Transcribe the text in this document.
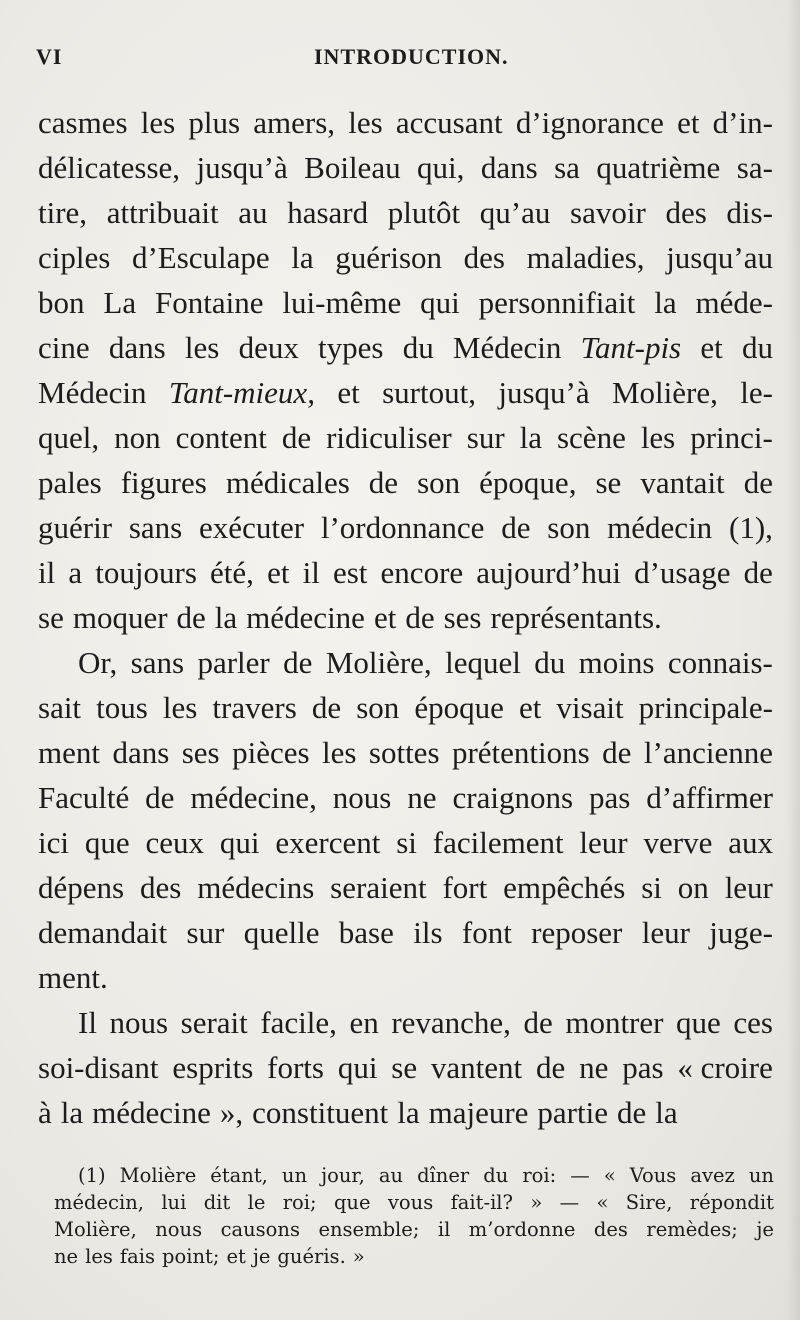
VI	INTRODUCTION.
casmes les plus amers, les accusant d’ignorance et d’in-
délicatesse, jusqu’à Boileau qui, dans sa quatrième sa-
tire, attribuait au hasard plutôt qu’au savoir des dis-
ciples d’Esculape la guérison des maladies, jusqu’au
bon La Fontaine lui-même qui personnifiait la méde-
cine dans les deux types du Médecin Tant-pis et du
Médecin Tant-mieux, et surtout, jusqu’à Molière, le-
quel, non content de ridiculiser sur la scène les princi-
pales figures médicales de son époque, se vantait de
guérir sans exécuter l’ordonnance de son médecin (1),
il a toujours été, et il est encore aujourd’hui d’usage de
se moquer de la médecine et de ses représentants.
Or, sans parler de Molière, lequel du moins connais-
sait tous les travers de son époque et visait principale-
ment dans ses pièces les sottes prétentions de l’ancienne
Faculté de médecine, nous ne craignons pas d’affirmer
ici que ceux qui exercent si facilement leur verve aux
dépens des médecins seraient fort empêchés si on leur
demandait sur quelle base ils font reposer leur juge-
ment.
Il nous serait facile, en revanche, de montrer que ces
soi-disant esprits forts qui se vantent de ne pas « croire
à la médecine », constituent la majeure partie de la
(1) Molière étant, un jour, au dîner du roi: — « Vous avez un
médecin, lui dit le roi; que vous fait-il? » — « Sire, répondit
Molière, nous causons ensemble; il m’ordonne des remèdes; je
ne les fais point; et je guéris. »
